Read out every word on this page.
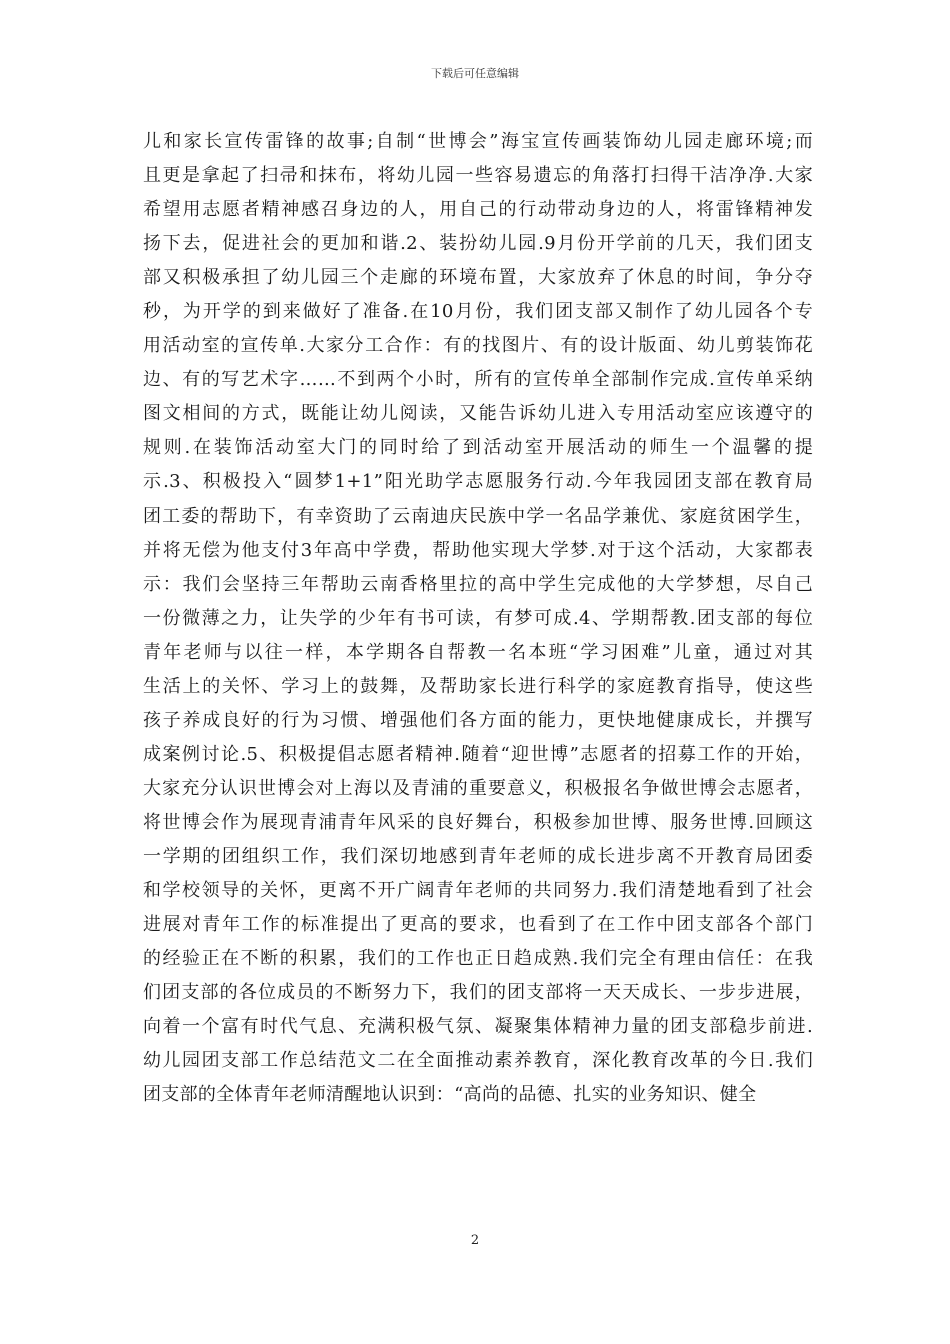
下载后可任意编辑
儿和家长宣传雷锋的故事;自制“世博会”海宝宣传画装饰幼儿园走廊环境;而
且更是拿起了扫帚和抹布，将幼儿园一些容易遗忘的角落打扫得干洁净净.大家
希望用志愿者精神感召身边的人，用自己的行动带动身边的人，将雷锋精神发
扬下去，促进社会的更加和谐.2、装扮幼儿园.9月份开学前的几天，我们团支
部又积极承担了幼儿园三个走廊的环境布置，大家放弃了休息的时间，争分夺
秒，为开学的到来做好了准备.在10月份，我们团支部又制作了幼儿园各个专
用活动室的宣传单.大家分工合作：有的找图片、有的设计版面、幼儿剪装饰花
边、有的写艺术字……不到两个小时，所有的宣传单全部制作完成.宣传单采纳
图文相间的方式，既能让幼儿阅读，又能告诉幼儿进入专用活动室应该遵守的
规则.在装饰活动室大门的同时给了到活动室开展活动的师生一个温馨的提
示.3、积极投入“圆梦1+1”阳光助学志愿服务行动.今年我园团支部在教育局
团工委的帮助下，有幸资助了云南迪庆民族中学一名品学兼优、家庭贫困学生，
并将无偿为他支付3年高中学费，帮助他实现大学梦.对于这个活动，大家都表
示：我们会坚持三年帮助云南香格里拉的高中学生完成他的大学梦想，尽自己
一份微薄之力，让失学的少年有书可读，有梦可成.4、学期帮教.团支部的每位
青年老师与以往一样，本学期各自帮教一名本班“学习困难”儿童，通过对其
生活上的关怀、学习上的鼓舞，及帮助家长进行科学的家庭教育指导，使这些
孩子养成良好的行为习惯、增强他们各方面的能力，更快地健康成长，并撰写
成案例讨论.5、积极提倡志愿者精神.随着“迎世博”志愿者的招募工作的开始，
大家充分认识世博会对上海以及青浦的重要意义，积极报名争做世博会志愿者，
将世博会作为展现青浦青年风采的良好舞台，积极参加世博、服务世博.回顾这
一学期的团组织工作，我们深切地感到青年老师的成长进步离不开教育局团委
和学校领导的关怀，更离不开广阔青年老师的共同努力.我们清楚地看到了社会
进展对青年工作的标准提出了更高的要求，也看到了在工作中团支部各个部门
的经验正在不断的积累，我们的工作也正日趋成熟.我们完全有理由信任：在我
们团支部的各位成员的不断努力下，我们的团支部将一天天成长、一步步进展，
向着一个富有时代气息、充满积极气氛、凝聚集体精神力量的团支部稳步前进.
幼儿园团支部工作总结范文二在全面推动素养教育，深化教育改革的今日.我们
团支部的全体青年老师清醒地认识到：“高尚的品德、扎实的业务知识、健全
2
